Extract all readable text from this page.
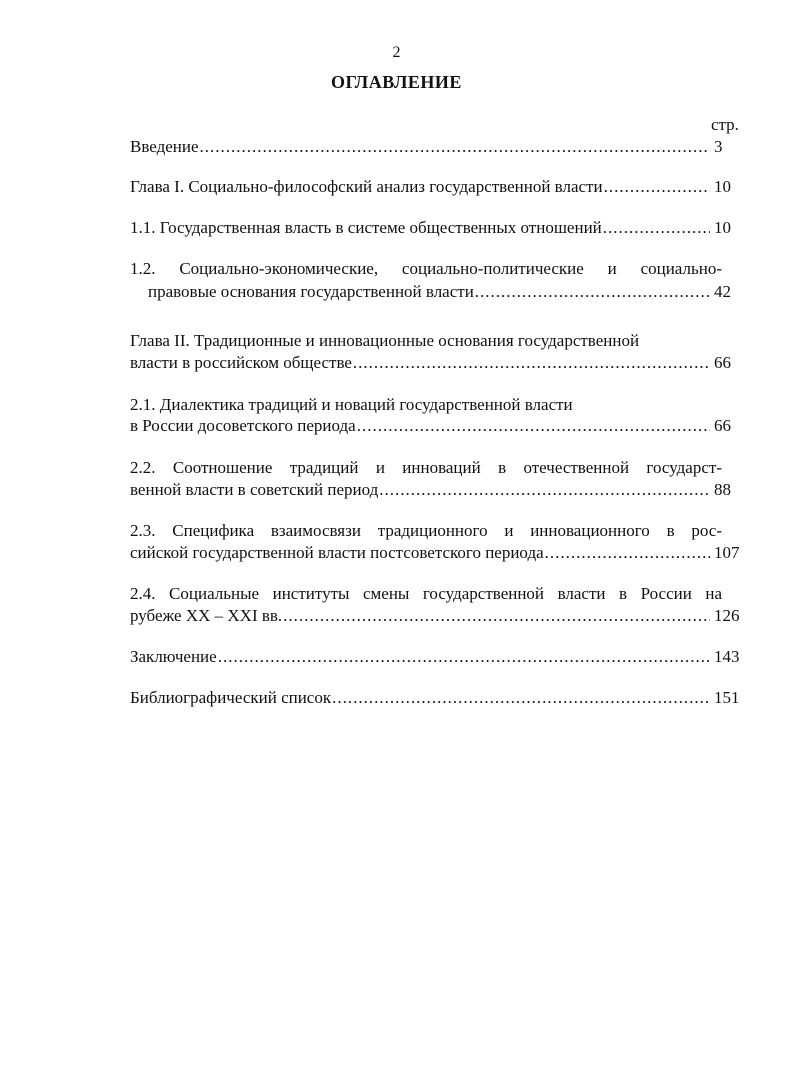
2
ОГЛАВЛЕНИЕ
стр.
Введение .....	3
Глава I. Социально-философский анализ государственной власти .....	10
1.1. Государственная власть в системе общественных отношений .....	10
1.2. Социально-экономические, социально-политические и социально-
правовые основания государственной власти .....	42
Глава II. Традиционные и инновационные основания государственной
власти в российском обществе .....	66
2.1. Диалектика традиций и новаций государственной власти
в России досоветского периода .....	66
2.2. Соотношение традиций и инноваций в отечественной государст-
венной власти в советский период .....	88
2.3. Специфика взаимосвязи традиционного и инновационного в рос-
сийской государственной власти постсоветского периода .....	107
2.4. Социальные институты смены государственной власти в России на
рубеже XX – XXI вв. .....	126
Заключение .....	143
Библиографический список .....	151
